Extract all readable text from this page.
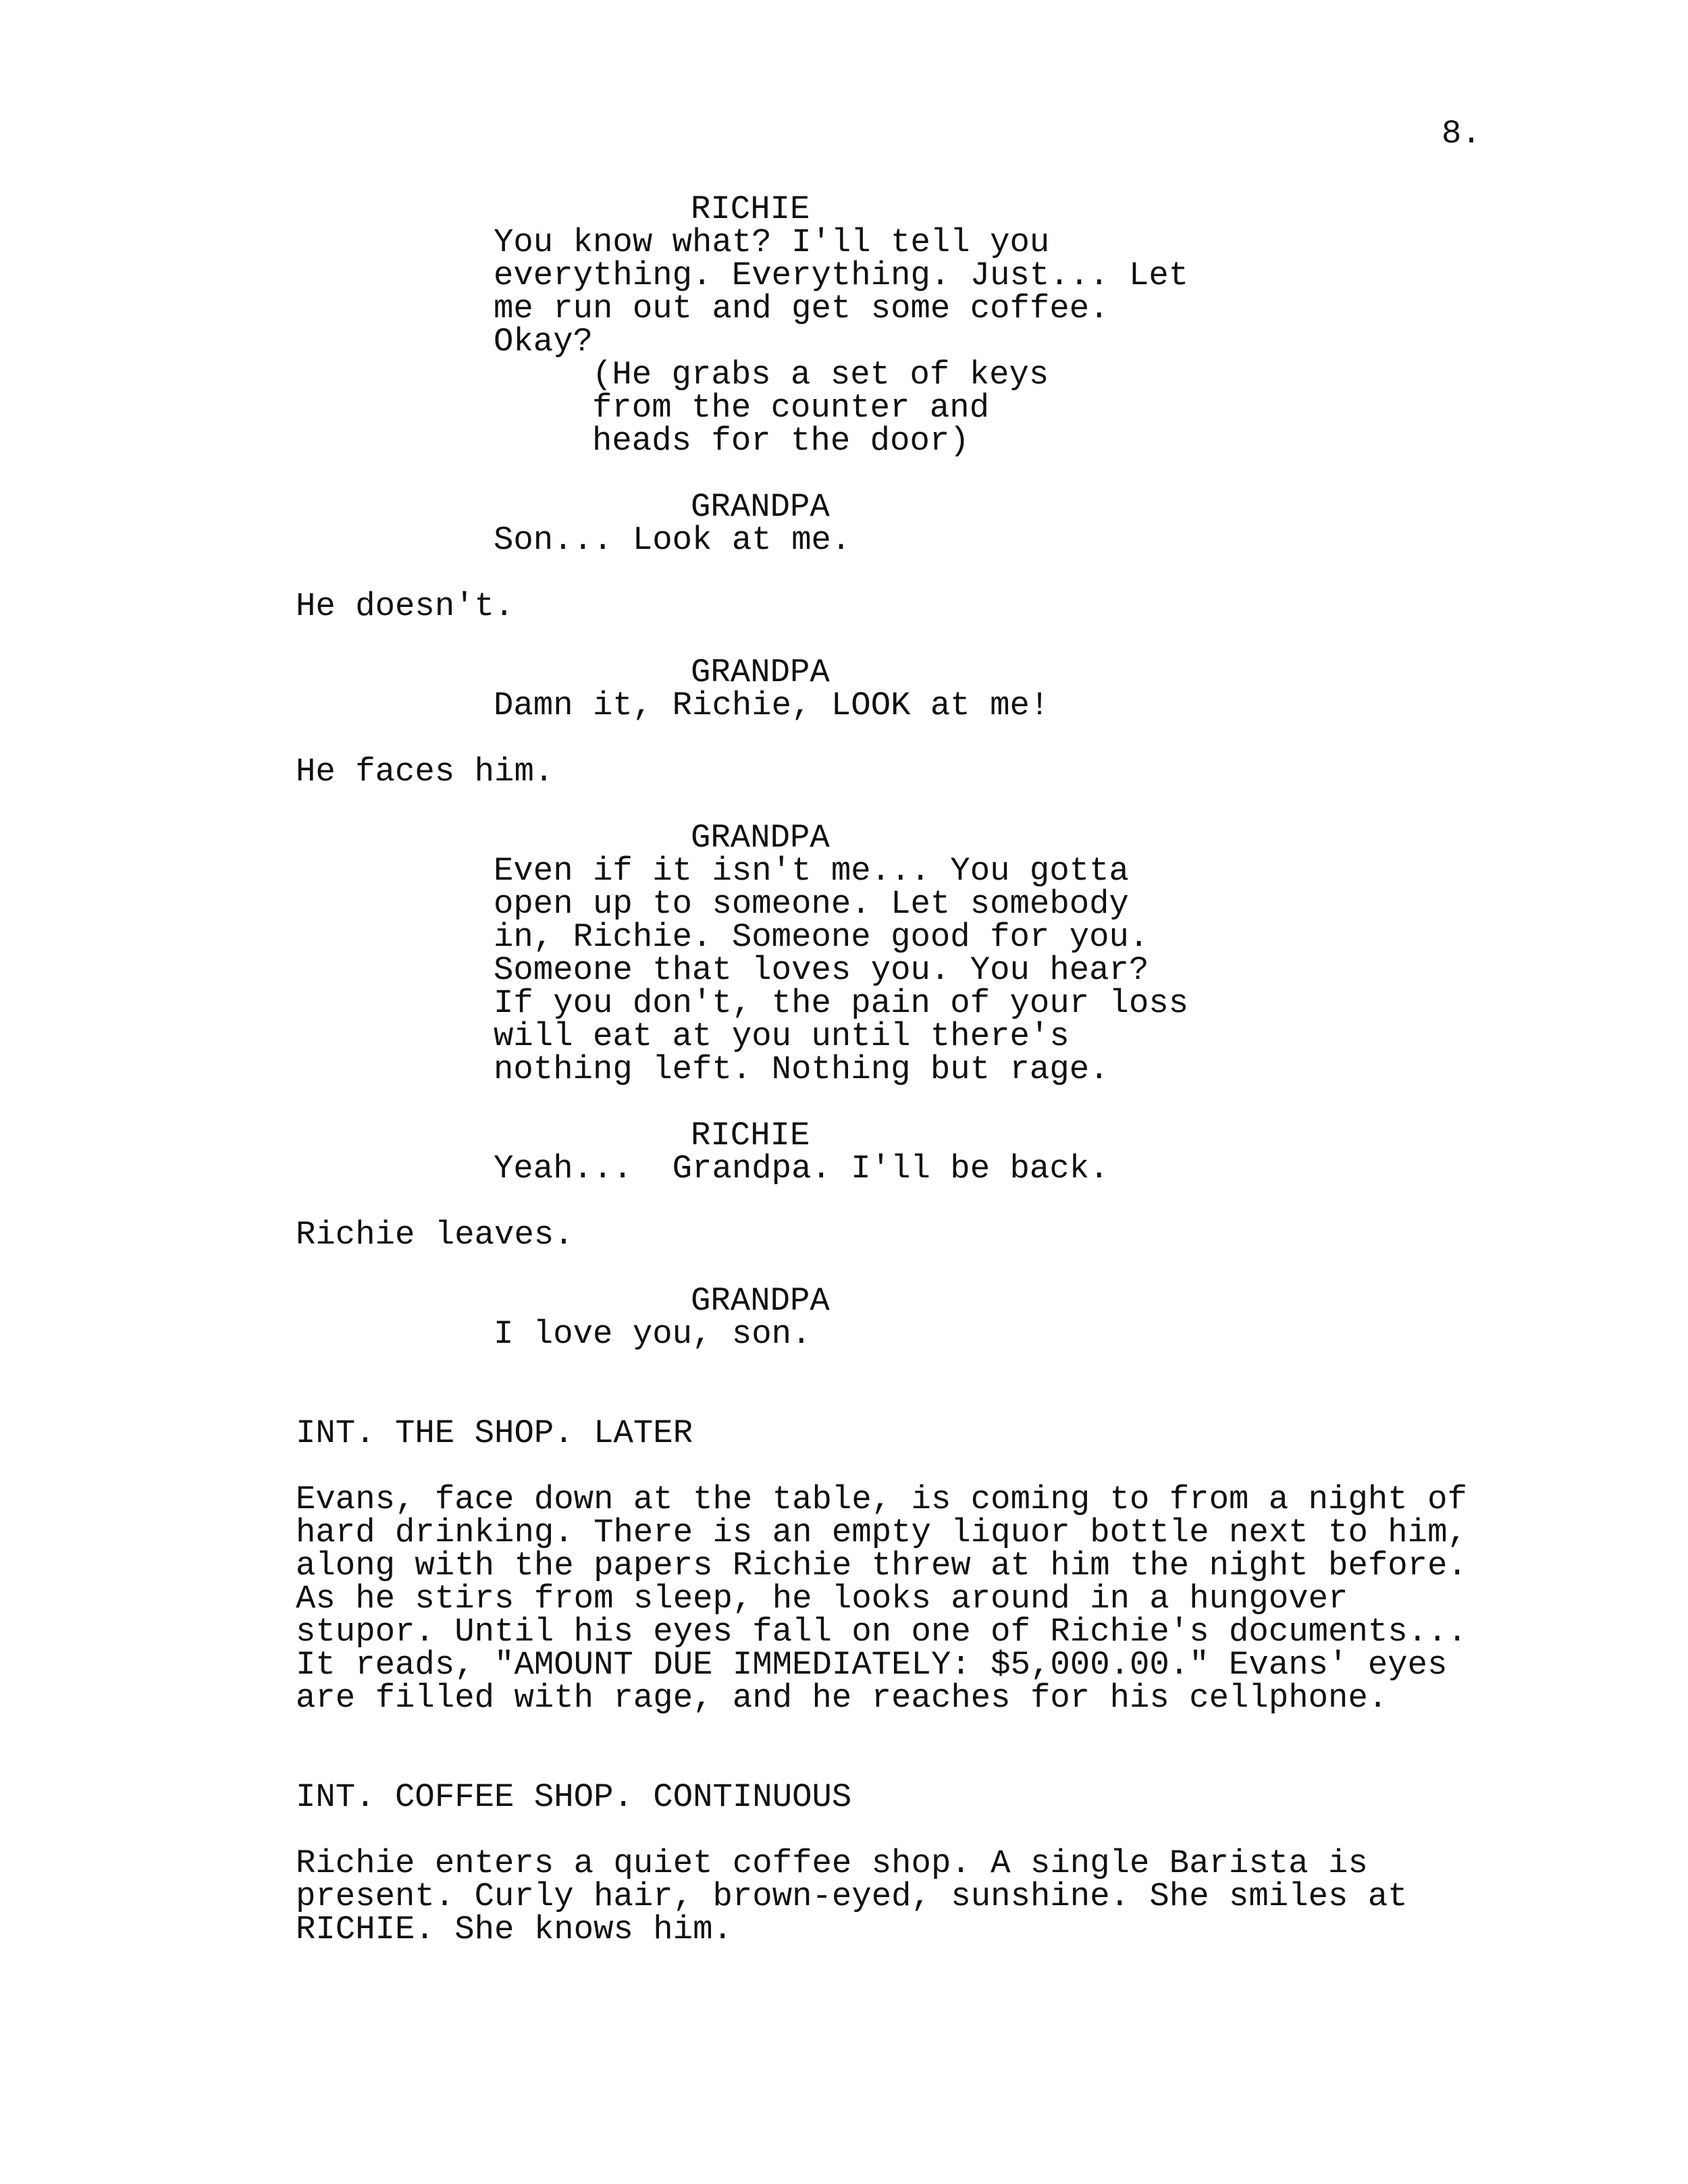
8.
RICHIE
You know what? I'll tell you
everything. Everything. Just... Let
me run out and get some coffee.
Okay?
(He grabs a set of keys
from the counter and
heads for the door)
GRANDPA
Son... Look at me.
He doesn't.
GRANDPA
Damn it, Richie, LOOK at me!
He faces him.
GRANDPA
Even if it isn't me... You gotta
open up to someone. Let somebody
in, Richie. Someone good for you.
Someone that loves you. You hear?
If you don't, the pain of your loss
will eat at you until there's
nothing left. Nothing but rage.
RICHIE
Yeah...  Grandpa. I'll be back.
Richie leaves.
GRANDPA
I love you, son.
INT. THE SHOP. LATER
Evans, face down at the table, is coming to from a night of
hard drinking. There is an empty liquor bottle next to him,
along with the papers Richie threw at him the night before.
As he stirs from sleep, he looks around in a hungover
stupor. Until his eyes fall on one of Richie's documents...
It reads, "AMOUNT DUE IMMEDIATELY: $5,000.00." Evans' eyes
are filled with rage, and he reaches for his cellphone.
INT. COFFEE SHOP. CONTINUOUS
Richie enters a quiet coffee shop. A single Barista is
present. Curly hair, brown-eyed, sunshine. She smiles at
RICHIE. She knows him.
